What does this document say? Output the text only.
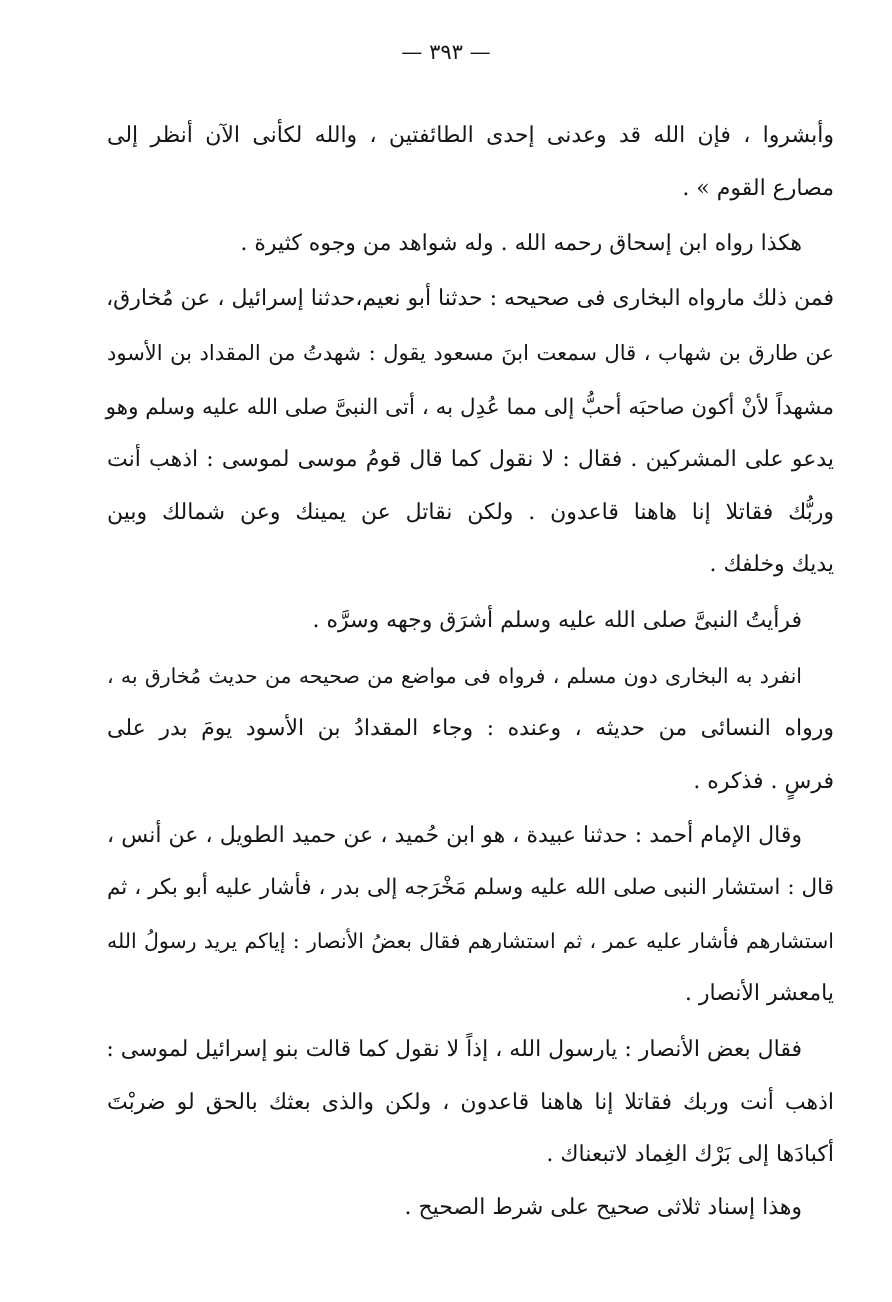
— ٣٩٣ —
وأبشروا ، فإن الله قد وعدنى إحدى الطائفتين ، والله لكأنى الآن أنظر إلى
مصارع القوم » .
هكذا رواه ابن إسحاق رحمه الله . وله شواهد من وجوه كثيرة .
فمن ذلك مارواه البخارى فى صحيحه : حدثنا أبو نعيم،حدثنا إسرائيل ، عن مُخارق،
عن طارق بن شهاب ، قال سمعت ابنَ مسعود يقول : شهدتُ من المقداد بن الأسود
مشهداً لأنْ أكون صاحبَه أحبُّ إلى مما عُدِل به ، أتى النبىَّ صلى الله عليه وسلم وهو
يدعو على المشركين . فقال : لا نقول كما قال قومُ موسى لموسى : اذهب أنت
وربُّك فقاتلا إنا هاهنا قاعدون . ولكن نقاتل عن يمينك وعن شمالك وبين
يديك وخلفك .
فرأيتُ النبىَّ صلى الله عليه وسلم أشرَق وجهه وسرَّه .
انفرد به البخارى دون مسلم ، فرواه فى مواضع من صحيحه من حديث مُخارق به ،
ورواه النسائى من حديثه ، وعنده : وجاء المقدادُ بن الأسود يومَ بدر على
فرسٍ . فذكره .
وقال الإمام أحمد : حدثنا عبيدة ، هو ابن حُميد ، عن حميد الطويل ، عن أنس ،
قال : استشار النبى صلى الله عليه وسلم مَخْرَجه إلى بدر ، فأشار عليه أبو بكر ، ثم
استشارهم فأشار عليه عمر ، ثم استشارهم فقال بعضُ الأنصار : إياكم يريد رسولُ الله
يامعشر الأنصار .
فقال بعض الأنصار : يارسول الله ، إذاً لا نقول كما قالت بنو إسرائيل لموسى :
اذهب أنت وربك فقاتلا إنا هاهنا قاعدون ، ولكن والذى بعثك بالحق لو ضربْتَ
أكبادَها إلى بَرْك الغِماد لاتبعناك .
وهذا إسناد ثلاثى صحيح على شرط الصحيح .
